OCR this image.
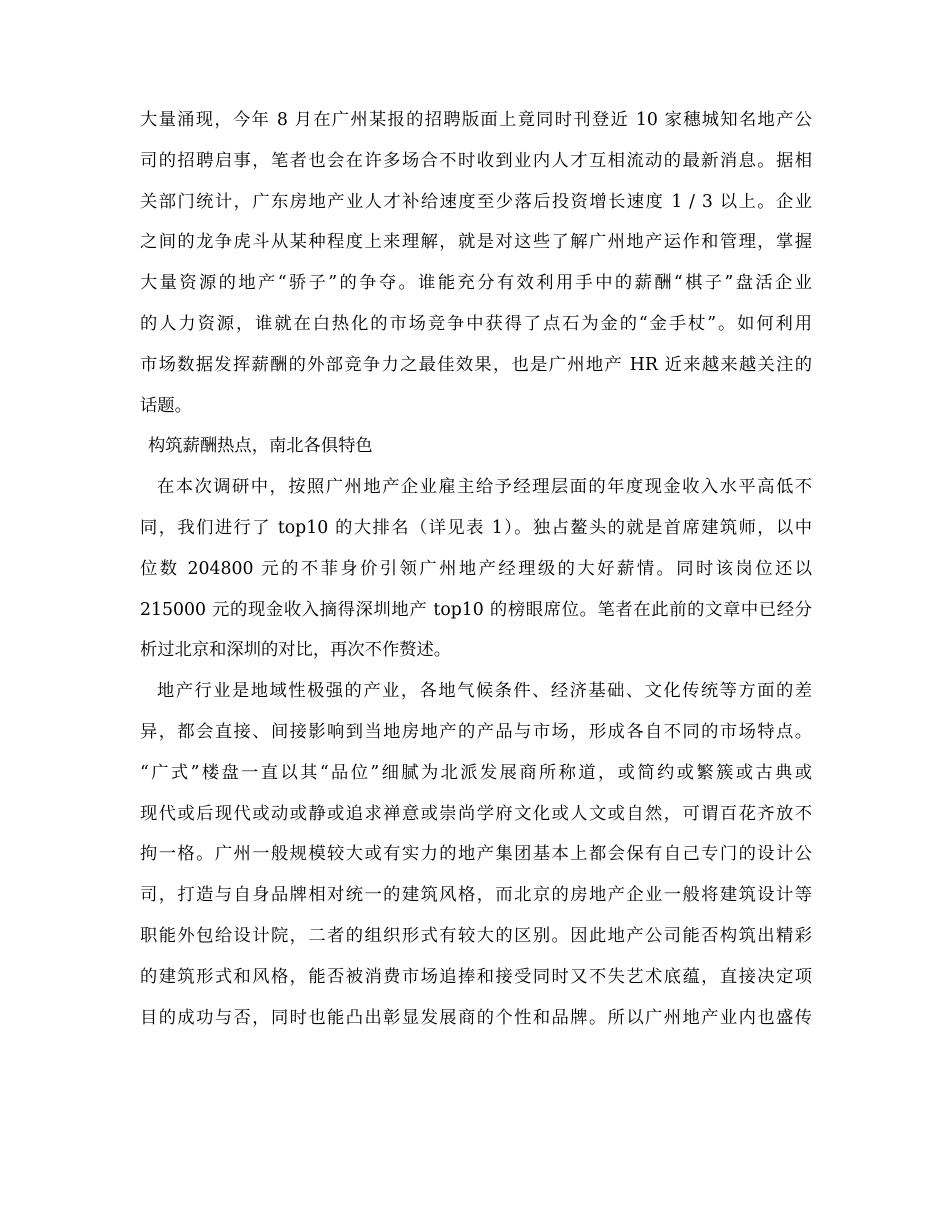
大量涌现，今年 8 月在广州某报的招聘版面上竟同时刊登近 10 家穗城知名地产公
司的招聘启事，笔者也会在许多场合不时收到业内人才互相流动的最新消息。据相
关部门统计，广东房地产业人才补给速度至少落后投资增长速度 1 / 3 以上。企业
之间的龙争虎斗从某种程度上来理解，就是对这些了解广州地产运作和管理，掌握
大量资源的地产“骄子”的争夺。谁能充分有效利用手中的薪酬“棋子”盘活企业
的人力资源，谁就在白热化的市场竞争中获得了点石为金的“金手杖”。如何利用
市场数据发挥薪酬的外部竞争力之最佳效果，也是广州地产 HR 近来越来越关注的
话题。
构筑薪酬热点，南北各俱特色
在本次调研中，按照广州地产企业雇主给予经理层面的年度现金收入水平高低不
同，我们进行了 top10 的大排名（详见表 1）。独占鳌头的就是首席建筑师，以中
位数 204800 元的不菲身价引领广州地产经理级的大好薪情。同时该岗位还以
215000 元的现金收入摘得深圳地产 top10 的榜眼席位。笔者在此前的文章中已经分
析过北京和深圳的对比，再次不作赘述。
地产行业是地域性极强的产业，各地气候条件、经济基础、文化传统等方面的差
异，都会直接、间接影响到当地房地产的产品与市场，形成各自不同的市场特点。
“广式”楼盘一直以其“品位”细腻为北派发展商所称道，或简约或繁簇或古典或
现代或后现代或动或静或追求禅意或崇尚学府文化或人文或自然，可谓百花齐放不
拘一格。广州一般规模较大或有实力的地产集团基本上都会保有自己专门的设计公
司，打造与自身品牌相对统一的建筑风格，而北京的房地产企业一般将建筑设计等
职能外包给设计院，二者的组织形式有较大的区别。因此地产公司能否构筑出精彩
的建筑形式和风格，能否被消费市场追捧和接受同时又不失艺术底蕴，直接决定项
目的成功与否，同时也能凸出彰显发展商的个性和品牌。所以广州地产业内也盛传
